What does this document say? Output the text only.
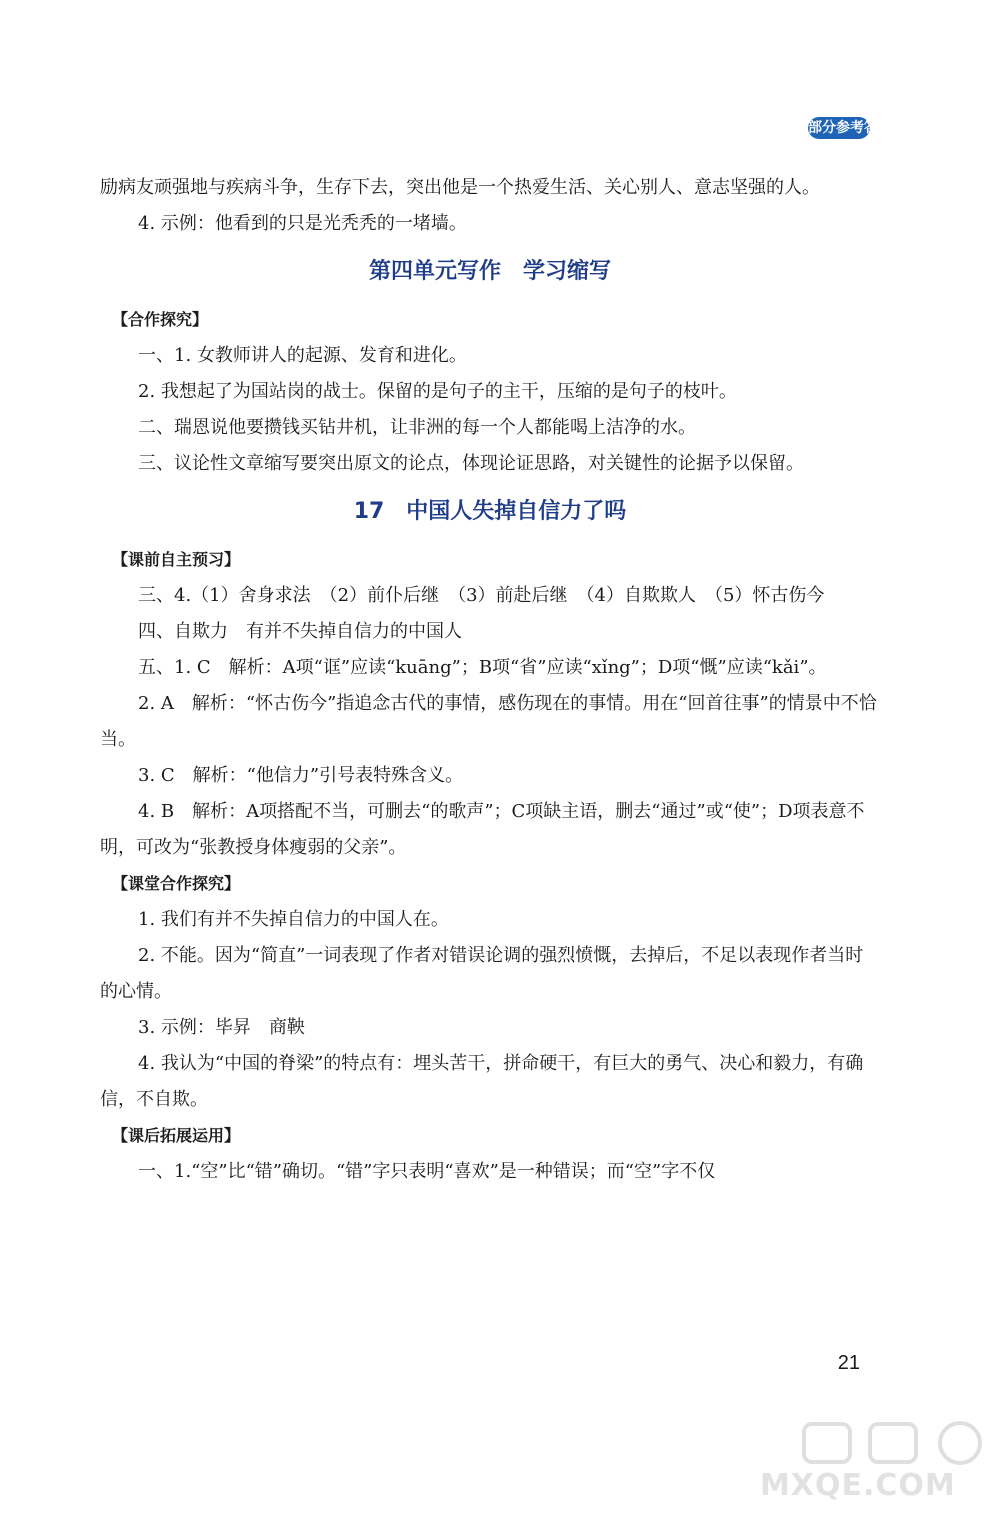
部分参考答案
励病友顽强地与疾病斗争，生存下去，突出他是一个热爱生活、关心别人、意志坚强的人。
4. 示例：他看到的只是光秃秃的一堵墙。
第四单元写作　学习缩写
【合作探究】
一、1. 女教师讲人的起源、发育和进化。
2. 我想起了为国站岗的战士。保留的是句子的主干，压缩的是句子的枝叶。
二、瑞恩说他要攒钱买钻井机，让非洲的每一个人都能喝上洁净的水。
三、议论性文章缩写要突出原文的论点，体现论证思路，对关键性的论据予以保留。
17　中国人失掉自信力了吗
【课前自主预习】
三、4.（1）舍身求法　（2）前仆后继　（3）前赴后继　（4）自欺欺人　（5）怀古伤今
四、自欺力　有并不失掉自信力的中国人
五、1. C　解析：A项“诓”应读“kuāng”；B项“省”应读“xǐng”；D项“慨”应读“kǎi”。
2. A　解析：“怀古伤今”指追念古代的事情，感伤现在的事情。用在“回首往事”的情景中不恰当。
3. C　解析：“他信力”引号表特殊含义。
4. B　解析：A项搭配不当，可删去“的歌声”；C项缺主语，删去“通过”或“使”；D项表意不明，可改为“张教授身体瘦弱的父亲”。
【课堂合作探究】
1. 我们有并不失掉自信力的中国人在。
2. 不能。因为“简直”一词表现了作者对错误论调的强烈愤慨，去掉后，不足以表现作者当时的心情。
3. 示例：毕昇　商鞅
4. 我认为“中国的脊梁”的特点有：埋头苦干，拼命硬干，有巨大的勇气、决心和毅力，有确信，不自欺。
【课后拓展运用】
一、1.“空”比“错”确切。“错”字只表明“喜欢”是一种错误；而“空”字不仅
21
MXQE.COM
